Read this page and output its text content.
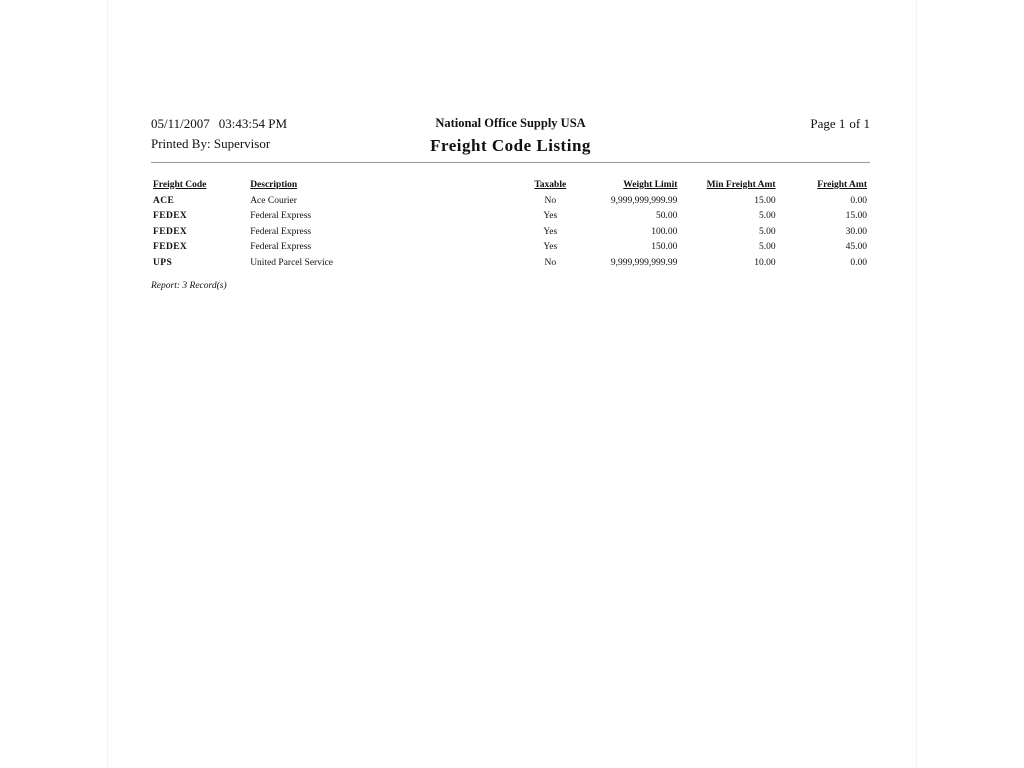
05/11/2007 03:43:54 PM	National Office Supply USA	Page 1 of 1
Printed By: Supervisor	Freight Code Listing
Freight Code	Description	Taxable	Weight Limit	Min Freight Amt	Freight Amt
ACE	Ace Courier	No	9,999,999,999.99	15.00	0.00
FEDEX	Federal Express	Yes	50.00	5.00	15.00
FEDEX	Federal Express	Yes	100.00	5.00	30.00
FEDEX	Federal Express	Yes	150.00	5.00	45.00
UPS	United Parcel Service	No	9,999,999,999.99	10.00	0.00
Report: 3 Record(s)
